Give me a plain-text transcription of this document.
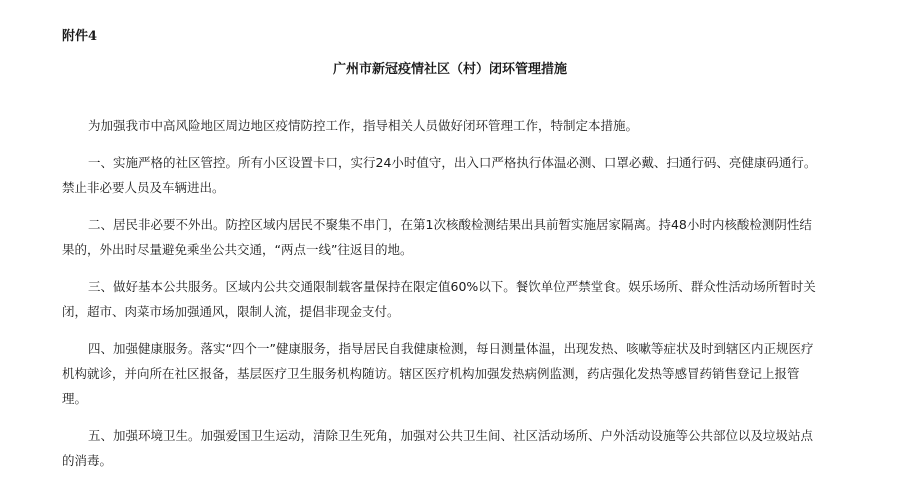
附件4
广州市新冠疫情社区（村）闭环管理措施

为加强我市中高风险地区周边地区疫情防控工作，指导相关人员做好闭环管理工作，特制定本措施。

一、实施严格的社区管控。所有小区设置卡口，实行24小时值守，出入口严格执行体温必测、口罩必戴、扫通行码、亮健康码通行。禁止非必要人员及车辆进出。

二、居民非必要不外出。防控区域内居民不聚集不串门，在第1次核酸检测结果出具前暂实施居家隔离。持48小时内核酸检测阴性结果的，外出时尽量避免乘坐公共交通，“两点一线”往返目的地。

三、做好基本公共服务。区域内公共交通限制载客量保持在限定值60%以下。餐饮单位严禁堂食。娱乐场所、群众性活动场所暂时关闭，超市、肉菜市场加强通风，限制人流，提倡非现金支付。

四、加强健康服务。落实“四个一”健康服务，指导居民自我健康检测，每日测量体温，出现发热、咳嗽等症状及时到辖区内正规医疗机构就诊，并向所在社区报备，基层医疗卫生服务机构随访。辖区医疗机构加强发热病例监测，药店强化发热等感冒药销售登记上报管理。

五、加强环境卫生。加强爱国卫生运动，清除卫生死角，加强对公共卫生间、社区活动场所、户外活动设施等公共部位以及垃圾站点的消毒。
